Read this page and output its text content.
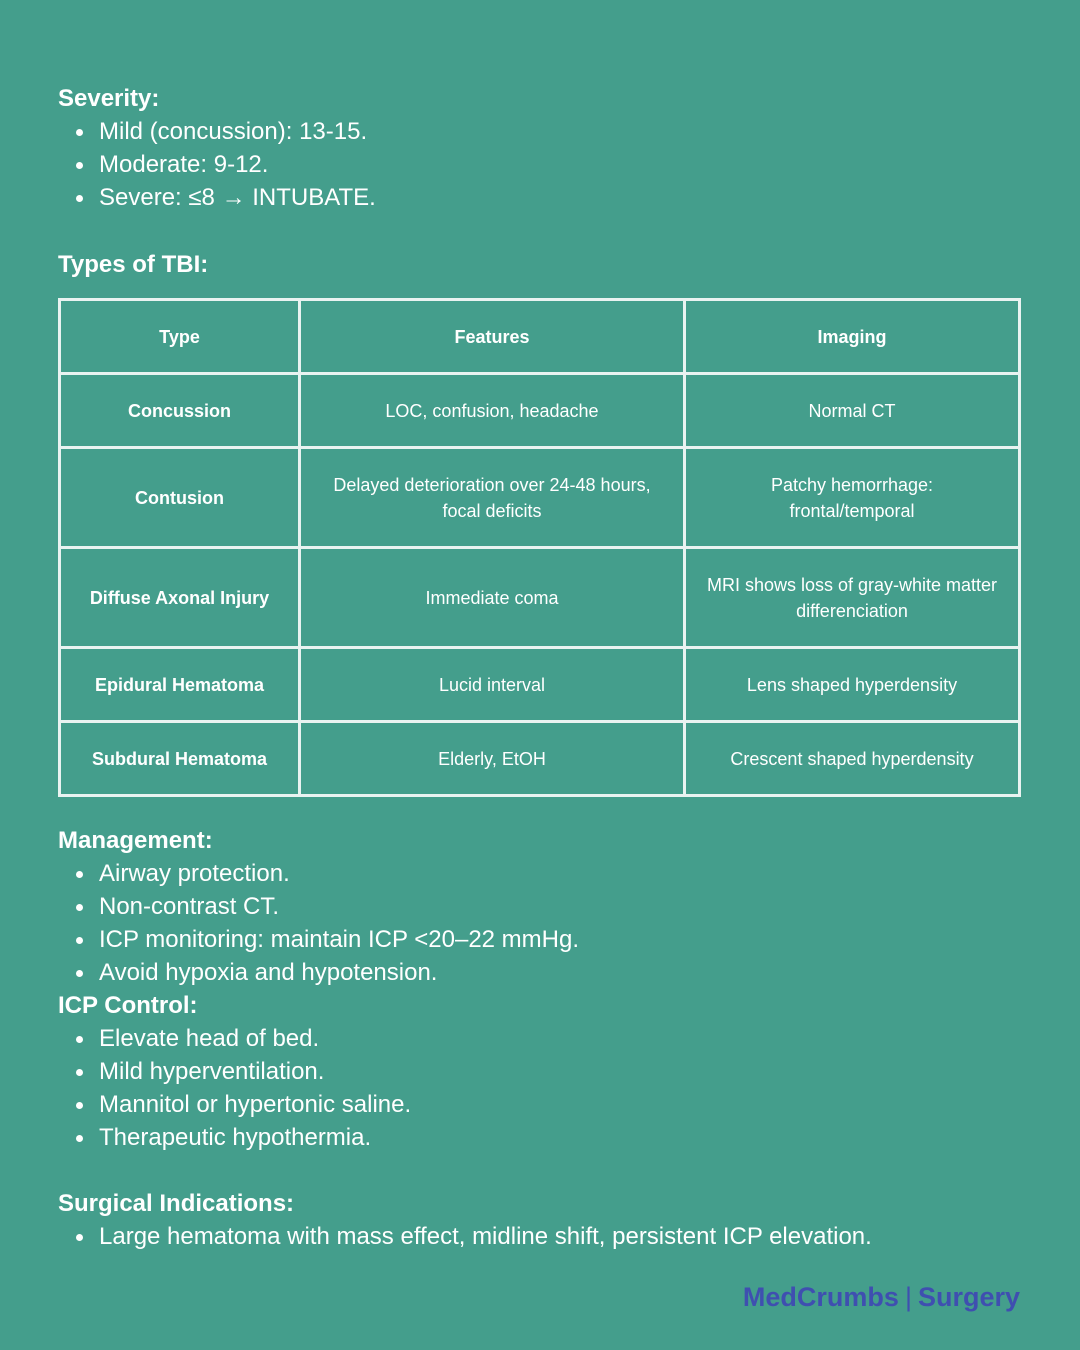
Severity:
Mild (concussion): 13-15.
Moderate: 9-12.
Severe: ≤8 → INTUBATE.
Types of TBI:
Type	Features	Imaging
Concussion	LOC, confusion, headache	Normal CT
Contusion	Delayed deterioration over 24-48 hours, focal deficits	Patchy hemorrhage: frontal/temporal
Diffuse Axonal Injury	Immediate coma	MRI shows loss of gray-white matter differenciation
Epidural Hematoma	Lucid interval	Lens shaped hyperdensity
Subdural Hematoma	Elderly, EtOH	Crescent shaped hyperdensity
Management:
Airway protection.
Non-contrast CT.
ICP monitoring: maintain ICP <20–22 mmHg.
Avoid hypoxia and hypotension.
ICP Control:
Elevate head of bed.
Mild hyperventilation.
Mannitol or hypertonic saline.
Therapeutic hypothermia.
Surgical Indications:
Large hematoma with mass effect, midline shift, persistent ICP elevation.
MedCrumbs | Surgery
